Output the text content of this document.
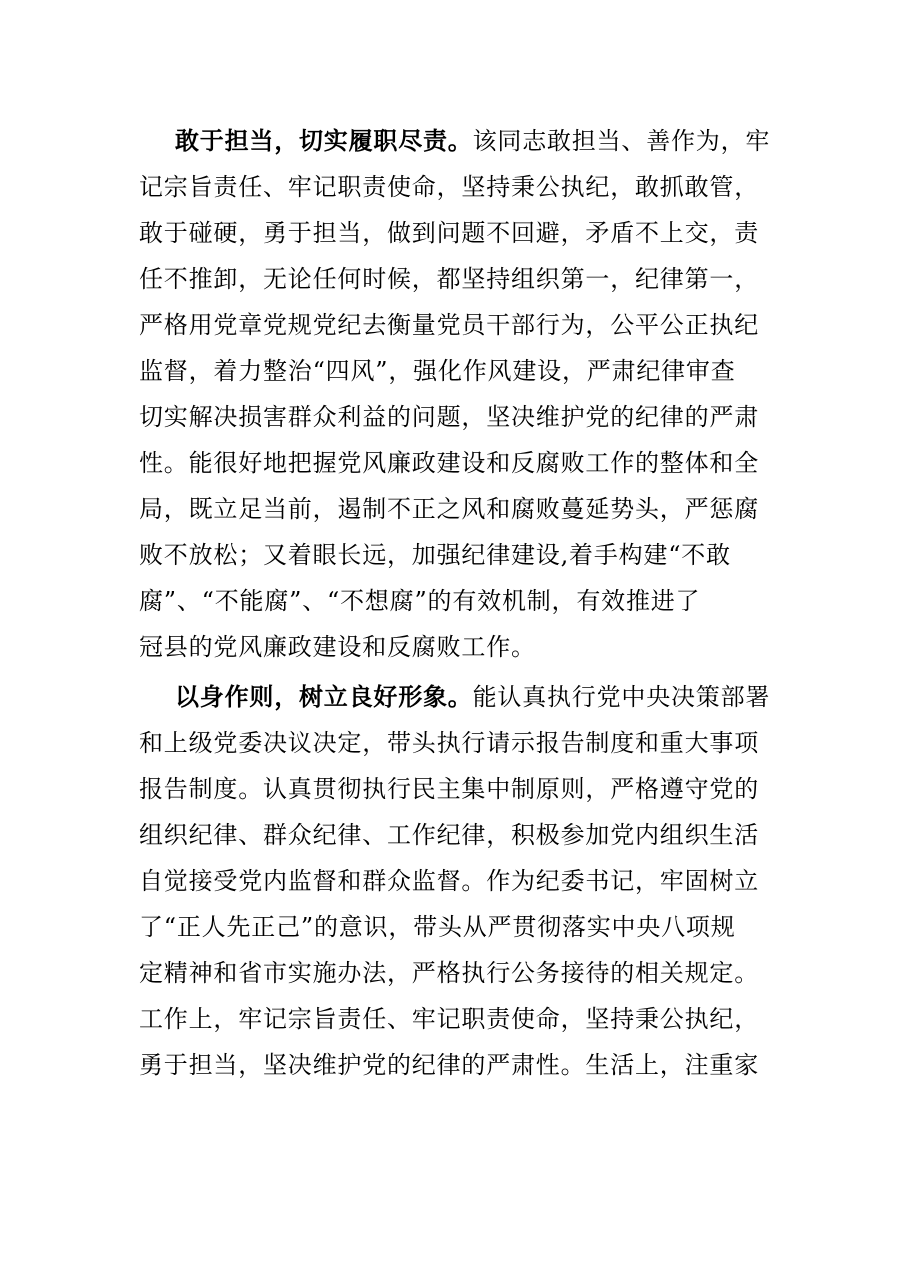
敢于担当，切实履职尽责。该同志敢担当、善作为，牢
记宗旨责任、牢记职责使命，坚持秉公执纪，敢抓敢管，
敢于碰硬，勇于担当，做到问题不回避，矛盾不上交，责
任不推卸，无论任何时候，都坚持组织第一，纪律第一，
严格用党章党规党纪去衡量党员干部行为，公平公正执纪
监督，着力整治“四风”，强化作风建设，严肃纪律审查
切实解决损害群众利益的问题，坚决维护党的纪律的严肃
性。能很好地把握党风廉政建设和反腐败工作的整体和全
局，既立足当前，遏制不正之风和腐败蔓延势头，严惩腐
败不放松；又着眼长远，加强纪律建设,着手构建“不敢
腐”、“不能腐”、“不想腐”的有效机制，有效推进了
冠县的党风廉政建设和反腐败工作。

以身作则，树立良好形象。能认真执行党中央决策部署
和上级党委决议决定，带头执行请示报告制度和重大事项
报告制度。认真贯彻执行民主集中制原则，严格遵守党的
组织纪律、群众纪律、工作纪律，积极参加党内组织生活
自觉接受党内监督和群众监督。作为纪委书记，牢固树立
了“正人先正己”的意识，带头从严贯彻落实中央八项规
定精神和省市实施办法，严格执行公务接待的相关规定。
工作上，牢记宗旨责任、牢记职责使命，坚持秉公执纪，
勇于担当，坚决维护党的纪律的严肃性。生活上，注重家
